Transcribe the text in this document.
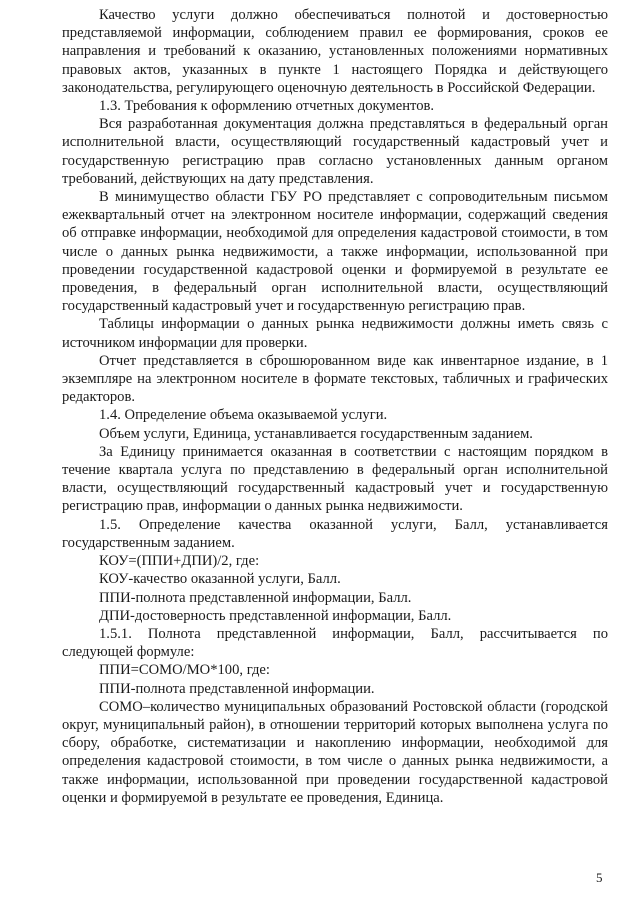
Качество услуги должно обеспечиваться полнотой и достоверностью представляемой информации, соблюдением правил ее формирования, сроков ее направления и требований к оказанию, установленных положениями нормативных правовых актов, указанных в пункте 1 настоящего Порядка и действующего законодательства, регулирующего оценочную деятельность в Российской Федерации.

1.3. Требования к оформлению отчетных документов.

Вся разработанная документация должна представляться в федеральный орган исполнительной власти, осуществляющий государственный кадастровый учет и государственную регистрацию прав согласно установленных данным органом требований, действующих на дату представления.

В минимуществo области ГБУ РО представляет с сопроводительным письмом ежеквартальный отчет на электронном носителе информации, содержащий сведения об отправке информации, необходимой для определения кадастровой стоимости, в том числе о данных рынка недвижимости, а также информации, использованной при проведении государственной кадастровой оценки и формируемой в результате ее проведения, в федеральный орган исполнительной власти, осуществляющий государственный кадастровый учет и государственную регистрацию прав.

Таблицы информации о данных рынка недвижимости должны иметь связь с источником информации для проверки.

Отчет представляется в сброшюрованном виде как инвентарное издание, в 1 экземпляре на электронном носителе в формате текстовых, табличных и графических редакторов.

1.4. Определение объема оказываемой услуги.

Объем услуги, Единица, устанавливается государственным заданием.

За Единицу принимается оказанная в соответствии с настоящим порядком в течение квартала услуга по представлению в федеральный орган исполнительной власти, осуществляющий государственный кадастровый учет и государственную регистрацию прав, информации о данных рынка недвижимости.

1.5. Определение качества оказанной услуги, Балл, устанавливается государственным заданием.

КОУ=(ППИ+ДПИ)/2, где:

КОУ-качество оказанной услуги, Балл.

ППИ-полнота представленной информации, Балл.

ДПИ-достоверность представленной информации, Балл.

1.5.1. Полнота представленной информации, Балл, рассчитывается по следующей формуле:

ППИ=СОМО/МО*100, где:

ППИ-полнота представленной информации.

СОМО–количество муниципальных образований Ростовской области (городской округ, муниципальный район), в отношении территорий которых выполнена услуга по сбору, обработке, систематизации и накоплению информации, необходимой для определения кадастровой стоимости, в том числе о данных рынка недвижимости, а также информации, использованной при проведении государственной кадастровой оценки и формируемой в результате ее проведения, Единица.

5
